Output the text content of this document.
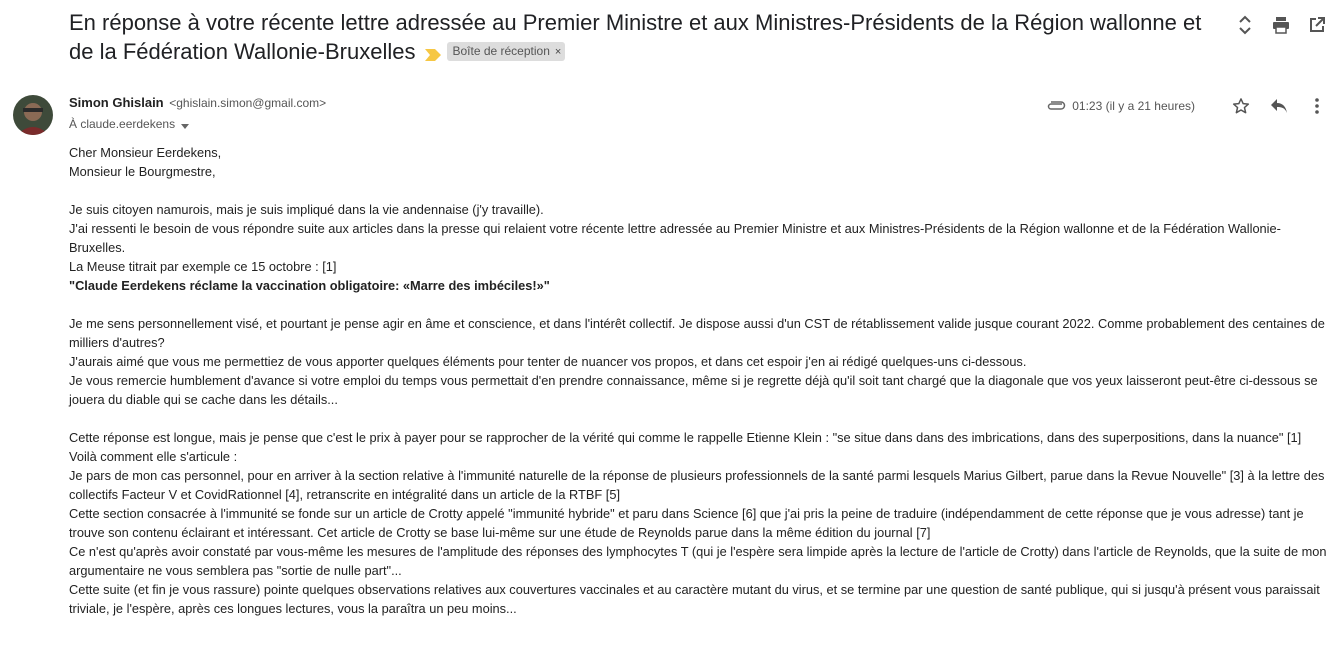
En réponse à votre récente lettre adressée au Premier Ministre et aux Ministres-Présidents de la Région wallonne et de la Fédération Wallonie-Bruxelles	Boîte de réception ×
Simon Ghislain <ghislain.simon@gmail.com>
À claude.eerdekens
01:23 (il y a 21 heures)

Cher Monsieur Eerdekens,

Monsieur le Bourgmestre,

Je suis citoyen namurois, mais je suis impliqué dans la vie andennaise (j'y travaille).

J'ai ressenti le besoin de vous répondre suite aux articles dans la presse qui relaient votre récente lettre adressée au Premier Ministre et aux Ministres-Présidents de la Région wallonne et de la Fédération Wallonie-Bruxelles.

La Meuse titrait par exemple ce 15 octobre : [1]

"Claude Eerdekens réclame la vaccination obligatoire: «Marre des imbéciles!»"

Je me sens personnellement visé, et pourtant je pense agir en âme et conscience, et dans l'intérêt collectif. Je dispose aussi d'un CST de rétablissement valide jusque courant 2022. Comme probablement des centaines de milliers d'autres?

J'aurais aimé que vous me permettiez de vous apporter quelques éléments pour tenter de nuancer vos propos, et dans cet espoir j'en ai rédigé quelques-uns ci-dessous.

Je vous remercie humblement d'avance si votre emploi du temps vous permettait d'en prendre connaissance, même si je regrette déjà qu'il soit tant chargé que la diagonale que vos yeux laisseront peut-être ci-dessous se jouera du diable qui se cache dans les détails...

Cette réponse est longue, mais je pense que c'est le prix à payer pour se rapprocher de la vérité qui comme le rappelle Etienne Klein : "se situe dans dans des imbrications, dans des superpositions, dans la nuance" [1]

Voilà comment elle s'articule :

Je pars de mon cas personnel, pour en arriver à la section relative à l'immunité naturelle de la réponse de plusieurs professionnels de la santé parmi lesquels Marius Gilbert, parue dans la Revue Nouvelle" [3] à la lettre des collectifs Facteur V et CovidRationnel [4], retranscrite en intégralité dans un article de la RTBF [5]

Cette section consacrée à l'immunité se fonde sur un article de Crotty appelé "immunité hybride" et paru dans Science [6] que j'ai pris la peine de traduire (indépendamment de cette réponse que je vous adresse) tant je trouve son contenu éclairant et intéressant. Cet article de Crotty se base lui-même sur une étude de Reynolds parue dans la même édition du journal [7]

Ce n'est qu'après avoir constaté par vous-même les mesures de l'amplitude des réponses des lymphocytes T (qui je l'espère sera limpide après la lecture de l'article de Crotty) dans l'article de Reynolds, que la suite de mon argumentaire ne vous semblera pas "sortie de nulle part"...

Cette suite (et fin je vous rassure) pointe quelques observations relatives aux couvertures vaccinales et au caractère mutant du virus, et se termine par une question de santé publique, qui si jusqu'à présent vous paraissait triviale, je l'espère, après ces longues lectures, vous la paraîtra un peu moins...
